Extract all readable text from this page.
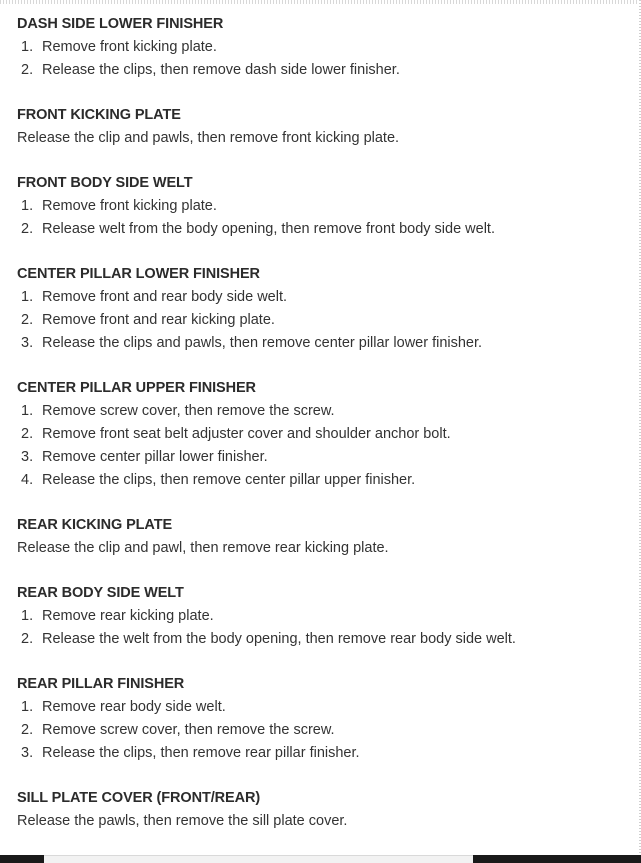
DASH SIDE LOWER FINISHER
1. Remove front kicking plate.
2. Release the clips, then remove dash side lower finisher.
FRONT KICKING PLATE

Release the clip and pawls, then remove front kicking plate.

FRONT BODY SIDE WELT
1. Remove front kicking plate.
2. Release welt from the body opening, then remove front body side welt.
CENTER PILLAR LOWER FINISHER
1. Remove front and rear body side welt.
2. Remove front and rear kicking plate.
3. Release the clips and pawls, then remove center pillar lower finisher.
CENTER PILLAR UPPER FINISHER
1. Remove screw cover, then remove the screw.
2. Remove front seat belt adjuster cover and shoulder anchor bolt.
3. Remove center pillar lower finisher.
4. Release the clips, then remove center pillar upper finisher.
REAR KICKING PLATE

Release the clip and pawl, then remove rear kicking plate.

REAR BODY SIDE WELT
1. Remove rear kicking plate.
2. Release the welt from the body opening, then remove rear body side welt.
REAR PILLAR FINISHER
1. Remove rear body side welt.
2. Remove screw cover, then remove the screw.
3. Release the clips, then remove rear pillar finisher.
SILL PLATE COVER (FRONT/REAR)

Release the pawls, then remove the sill plate cover.
